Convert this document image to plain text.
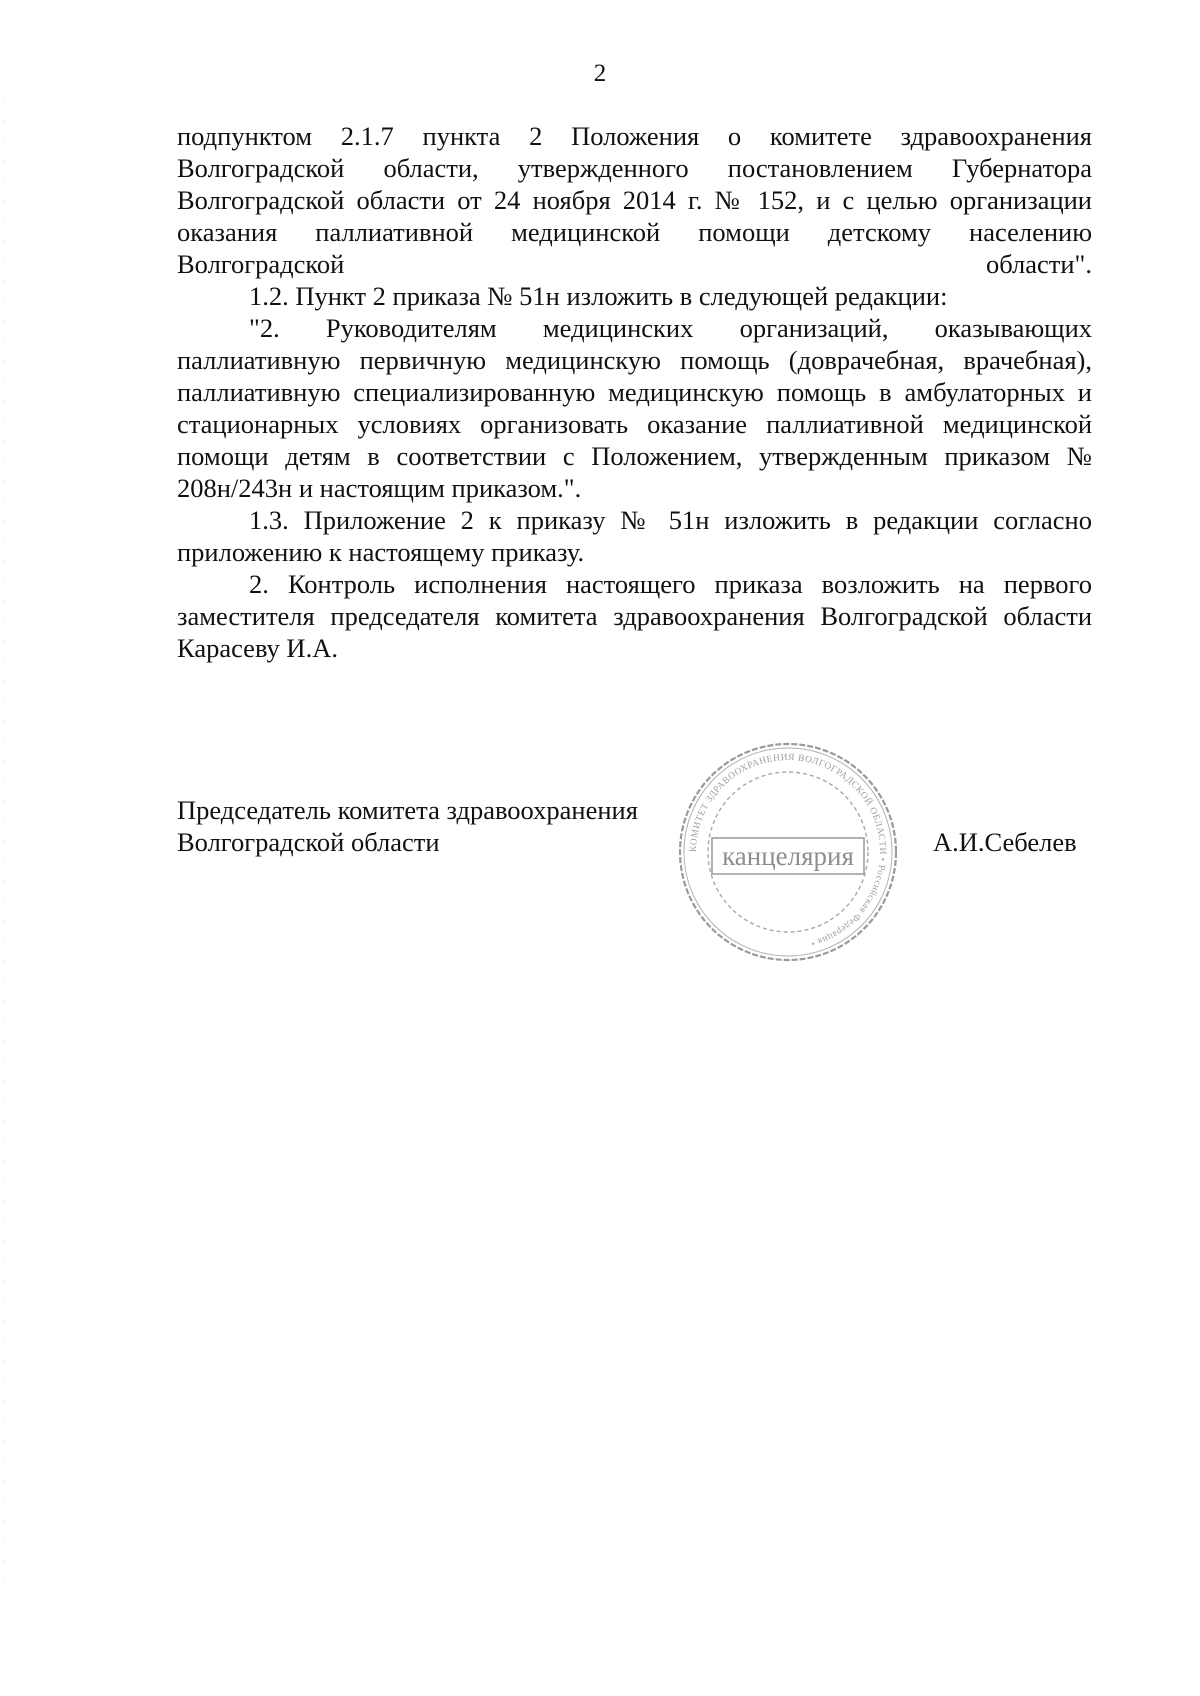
2

подпунктом 2.1.7 пункта 2 Положения о комитете здравоохранения Волгоградской области, утвержденного постановлением Губернатора Волгоградской области от 24 ноября 2014 г. № 152, и с целью организации оказания паллиативной медицинской помощи детскому населению Волгоградской области".

1.2. Пункт 2 приказа № 51н изложить в следующей редакции:

"2. Руководителям медицинских организаций, оказывающих паллиативную первичную медицинскую помощь (доврачебная, врачебная), паллиативную специализированную медицинскую помощь в амбулаторных и стационарных условиях организовать оказание паллиативной медицинской помощи детям в соответствии с Положением, утвержденным приказом № 208н/243н и настоящим приказом.".

1.3. Приложение 2 к приказу № 51н изложить в редакции согласно приложению к настоящему приказу.

2. Контроль исполнения настоящего приказа возложить на первого заместителя председателя комитета здравоохранения Волгоградской области Карасеву И.А.

Председатель комитета здравоохранения
Волгоградской области	А.И.Себелев
КОМИТЕТ ЗДРАВООХРАНЕНИЯ ВОЛГОГРАДСКОЙ ОБЛАСТИ • Российская Федерация •
канцелярия
